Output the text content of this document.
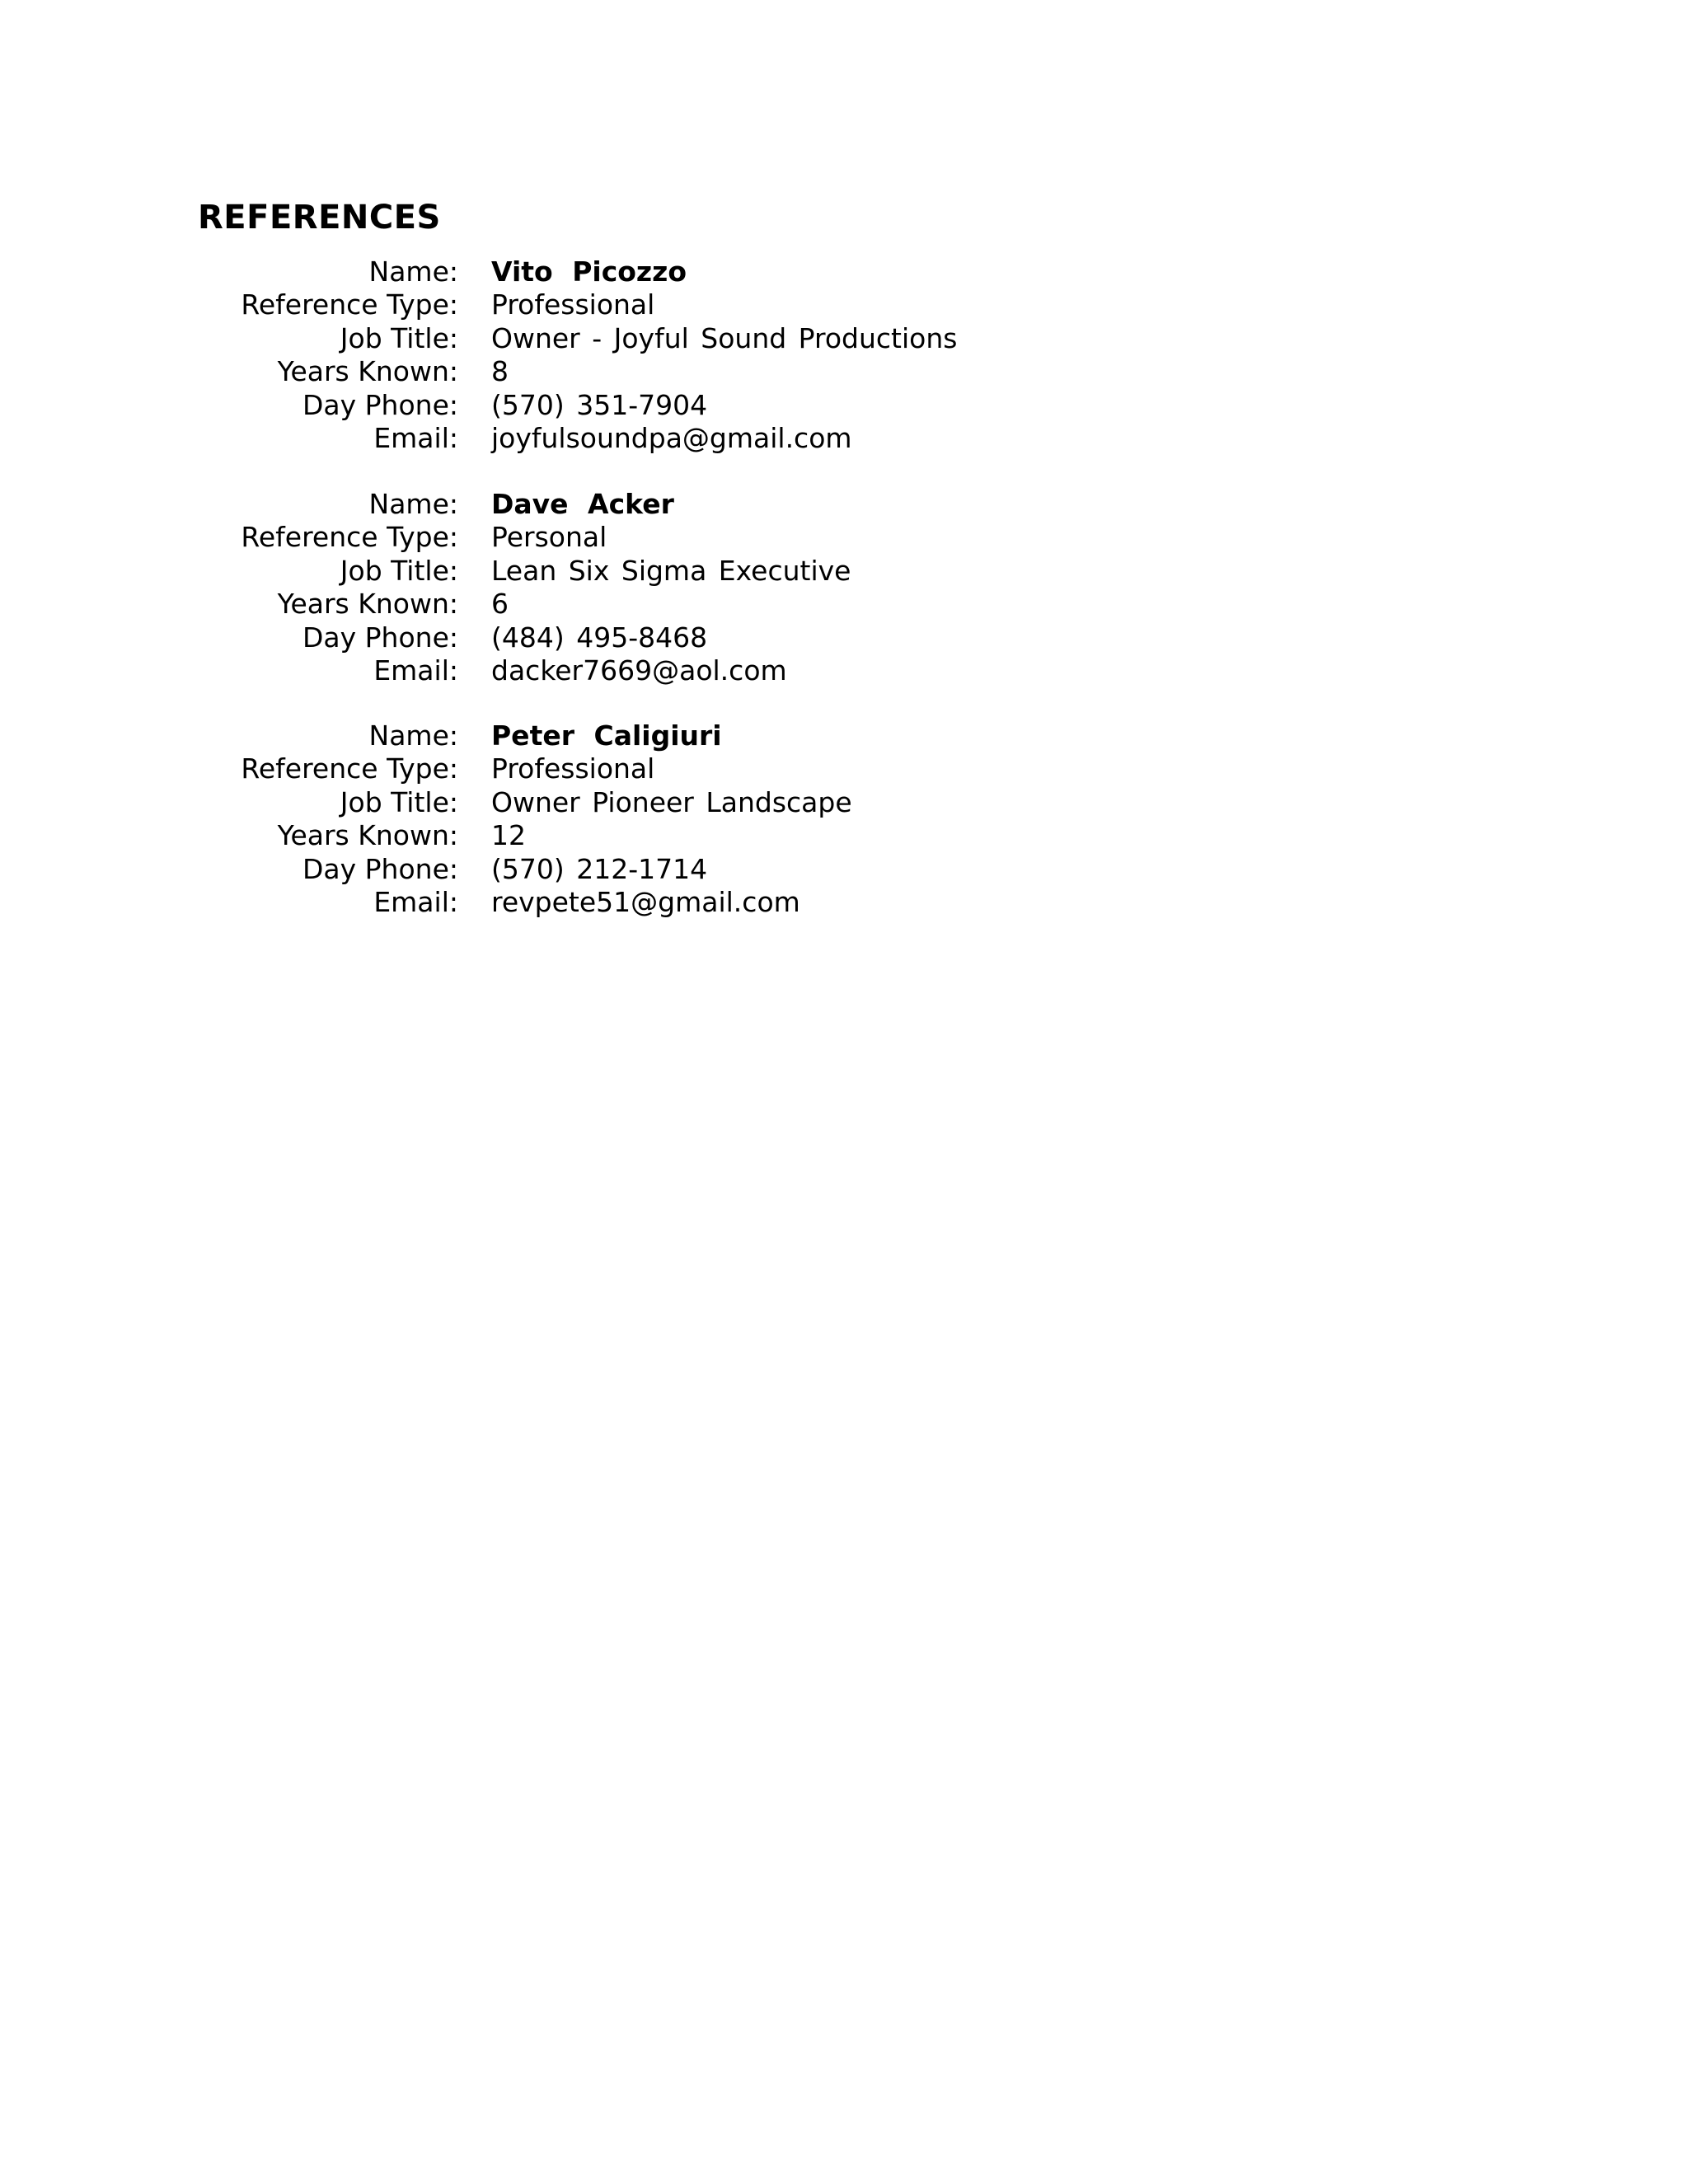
REFERENCES
Name: Vito Picozzo
Reference Type: Professional
Job Title: Owner - Joyful Sound Productions
Years Known: 8
Day Phone: (570) 351-7904
Email: joyfulsoundpa@gmail.com
Name: Dave Acker
Reference Type: Personal
Job Title: Lean Six Sigma Executive
Years Known: 6
Day Phone: (484) 495-8468
Email: dacker7669@aol.com
Name: Peter Caligiuri
Reference Type: Professional
Job Title: Owner Pioneer Landscape
Years Known: 12
Day Phone: (570) 212-1714
Email: revpete51@gmail.com
